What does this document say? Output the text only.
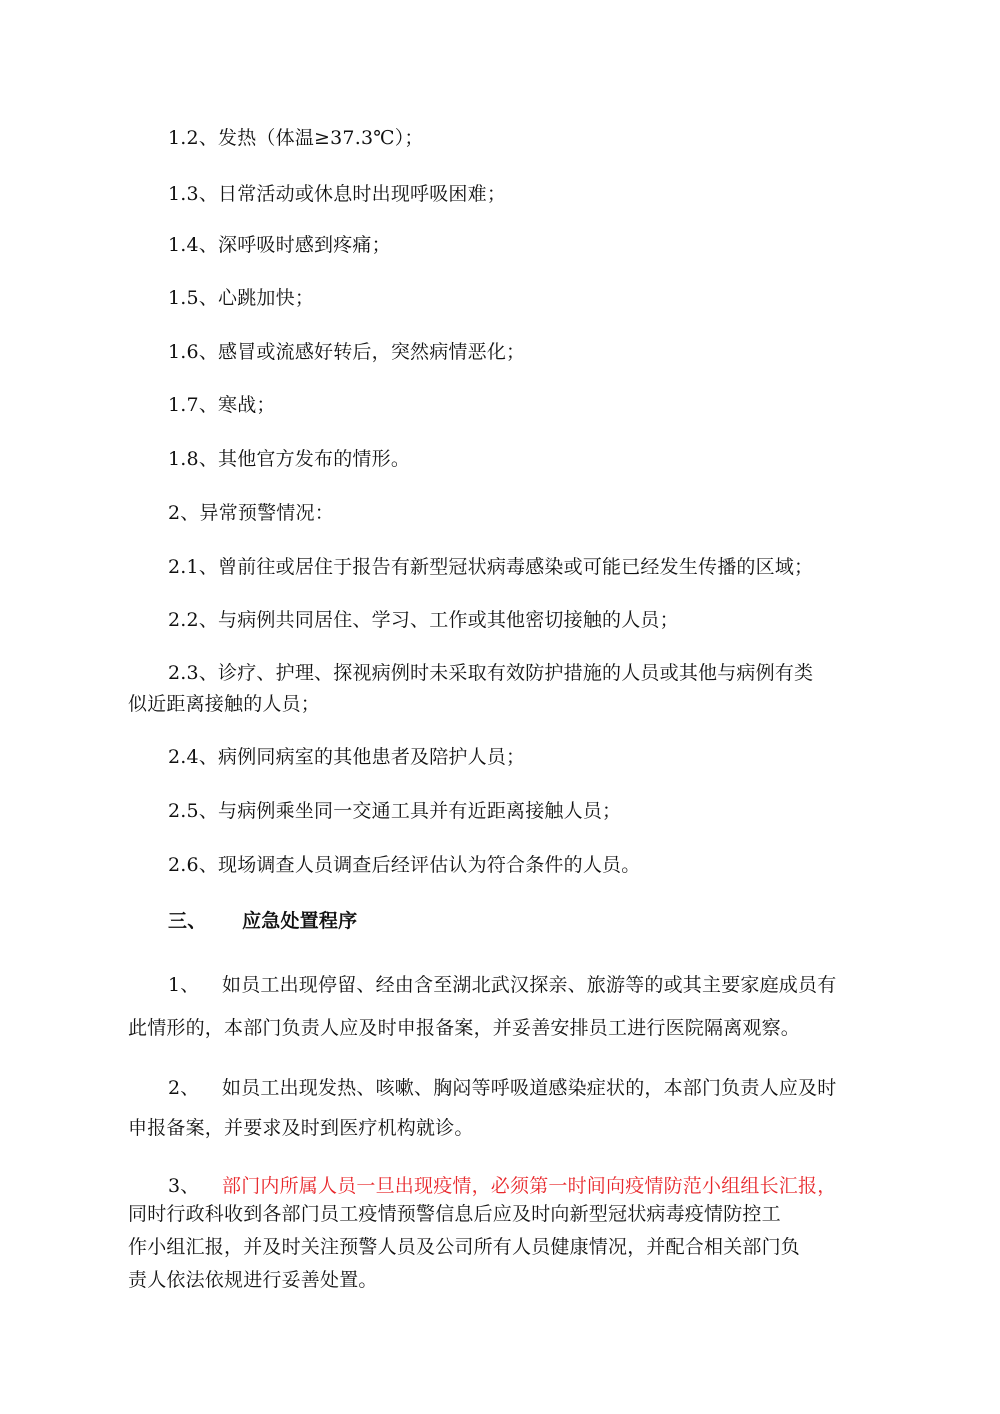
1.2、发热（体温≥37.3℃）；
1.3、日常活动或休息时出现呼吸困难；
1.4、深呼吸时感到疼痛；
1.5、心跳加快；
1.6、感冒或流感好转后，突然病情恶化；
1.7、寒战；
1.8、其他官方发布的情形。
2、异常预警情况：
2.1、曾前往或居住于报告有新型冠状病毒感染或可能已经发生传播的区域；
2.2、与病例共同居住、学习、工作或其他密切接触的人员；
2.3、诊疗、护理、探视病例时未采取有效防护措施的人员或其他与病例有类
似近距离接触的人员；
2.4、病例同病室的其他患者及陪护人员；
2.5、与病例乘坐同一交通工具并有近距离接触人员；
2.6、现场调查人员调查后经评估认为符合条件的人员。
三、 应急处置程序
1、 如员工出现停留、经由含至湖北武汉探亲、旅游等的或其主要家庭成员有
此情形的，本部门负责人应及时申报备案，并妥善安排员工进行医院隔离观察。
2、 如员工出现发热、咳嗽、胸闷等呼吸道感染症状的，本部门负责人应及时
申报备案，并要求及时到医疗机构就诊。
3、 部门内所属人员一旦出现疫情，必须第一时间向疫情防范小组组长汇报，
同时行政科收到各部门员工疫情预警信息后应及时向新型冠状病毒疫情防控工
作小组汇报，并及时关注预警人员及公司所有人员健康情况，并配合相关部门负
责人依法依规进行妥善处置。
